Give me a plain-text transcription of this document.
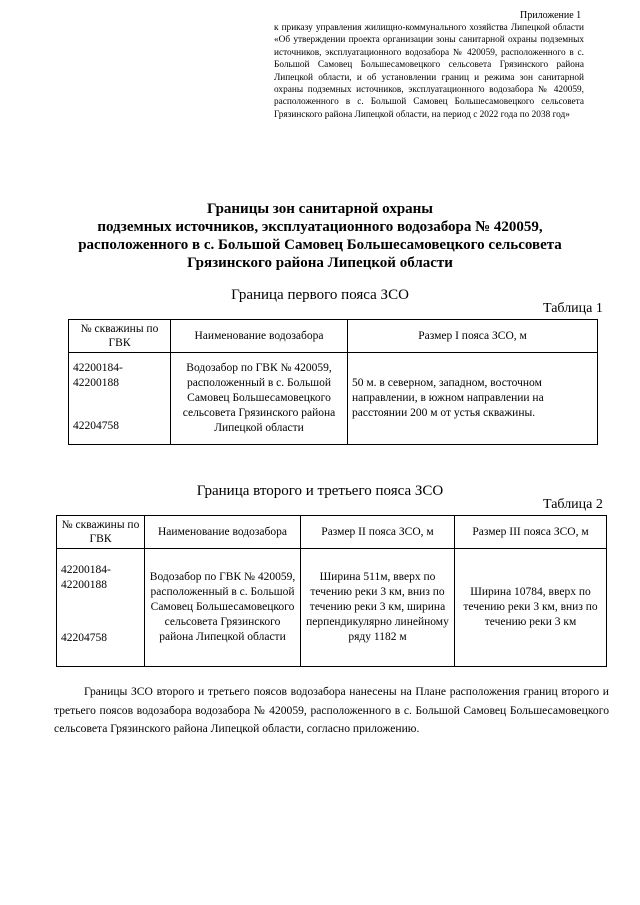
Приложение 1
к приказу управления жилищно-коммунального хозяйства Липецкой области «Об утверждении проекта организации зоны санитарной охраны подземных источников, эксплуатационного водозабора № 420059, расположенного в с. Большой Самовец Большесамовецкого сельсовета Грязинского района Липецкой области, и об установлении границ и режима зон санитарной охраны подземных источников, эксплуатационного водозабора № 420059, расположенного в с. Большой Самовец Большесамовецкого сельсовета Грязинского района Липецкой области, на период с 2022 года по 2038 год»
Границы зон санитарной охраны
подземных источников, эксплуатационного водозабора № 420059,
расположенного в с. Большой Самовец Большесамовецкого сельсовета
Грязинского района Липецкой области
Граница первого пояса ЗСО
Таблица 1
№ скважины по ГВК	Наименование водозабора	Размер I пояса ЗСО, м

42200184-42200188
42204758	Водозабор по ГВК № 420059, расположенный в с. Большой Самовец Большесамовецкого сельсовета Грязинского района Липецкой области	50 м. в северном, западном, восточном направлении, в южном направлении на расстоянии 200 м от устья скважины.
Граница второго и третьего пояса ЗСО
Таблица 2
№ скважины по ГВК	Наименование водозабора	Размер II пояса ЗСО, м	Размер III пояса ЗСО, м

42200184-42200188
42204758	Водозабор по ГВК № 420059, расположенный в с. Большой Самовец Большесамовецкого сельсовета Грязинского района Липецкой области	Ширина 511м, вверх по течению реки 3 км, вниз по течению реки 3 км, ширина перпендикулярно линейному ряду 1182 м	Ширина 10784, вверх по течению реки 3 км, вниз по течению реки 3 км
Границы ЗСО второго и третьего поясов водозабора нанесены на Плане расположения границ второго и третьего поясов водозабора водозабора № 420059, расположенного в с. Большой Самовец Большесамовецкого сельсовета Грязинского района Липецкой области, согласно приложению.
